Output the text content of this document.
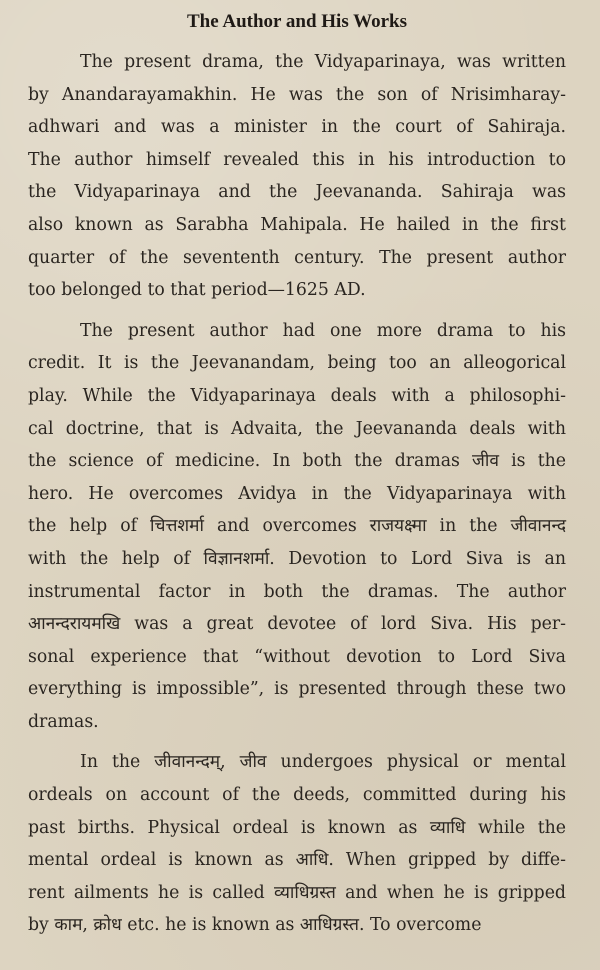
The Author and His Works
The present drama, the Vidyaparinaya, was written
by Anandarayamakhin. He was the son of Nrisimharay-
adhwari and was a minister in the court of Sahiraja.
The author himself revealed this in his introduction to
the Vidyaparinaya and the Jeevananda. Sahiraja was
also known as Sarabha Mahipala. He hailed in the first
quarter of the sevententh century. The present author
too belonged to that period—1625 AD.
The present author had one more drama to his
credit. It is the Jeevanandam, being too an alleogorical
play. While the Vidyaparinaya deals with a philosophi-
cal doctrine, that is Advaita, the Jeevananda deals with
the science of medicine. In both the dramas जीव is the
hero. He overcomes Avidya in the Vidyaparinaya with
the help of चित्तशर्मा and overcomes राजयक्ष्मा in the जीवानन्द
with the help of विज्ञानशर्मा. Devotion to Lord Siva is an
instrumental factor in both the dramas. The author
आनन्दरायमखि was a great devotee of lord Siva. His per-
sonal experience that “without devotion to Lord Siva
everything is impossible”, is presented through these two
dramas.
In the जीवानन्दम्, जीव undergoes physical or mental
ordeals on account of the deeds, committed during his
past births. Physical ordeal is known as व्याधि while the
mental ordeal is known as आधि. When gripped by diffe-
rent ailments he is called व्याधिग्रस्त and when he is gripped
by काम, क्रोध etc. he is known as आधिग्रस्त. To overcome
